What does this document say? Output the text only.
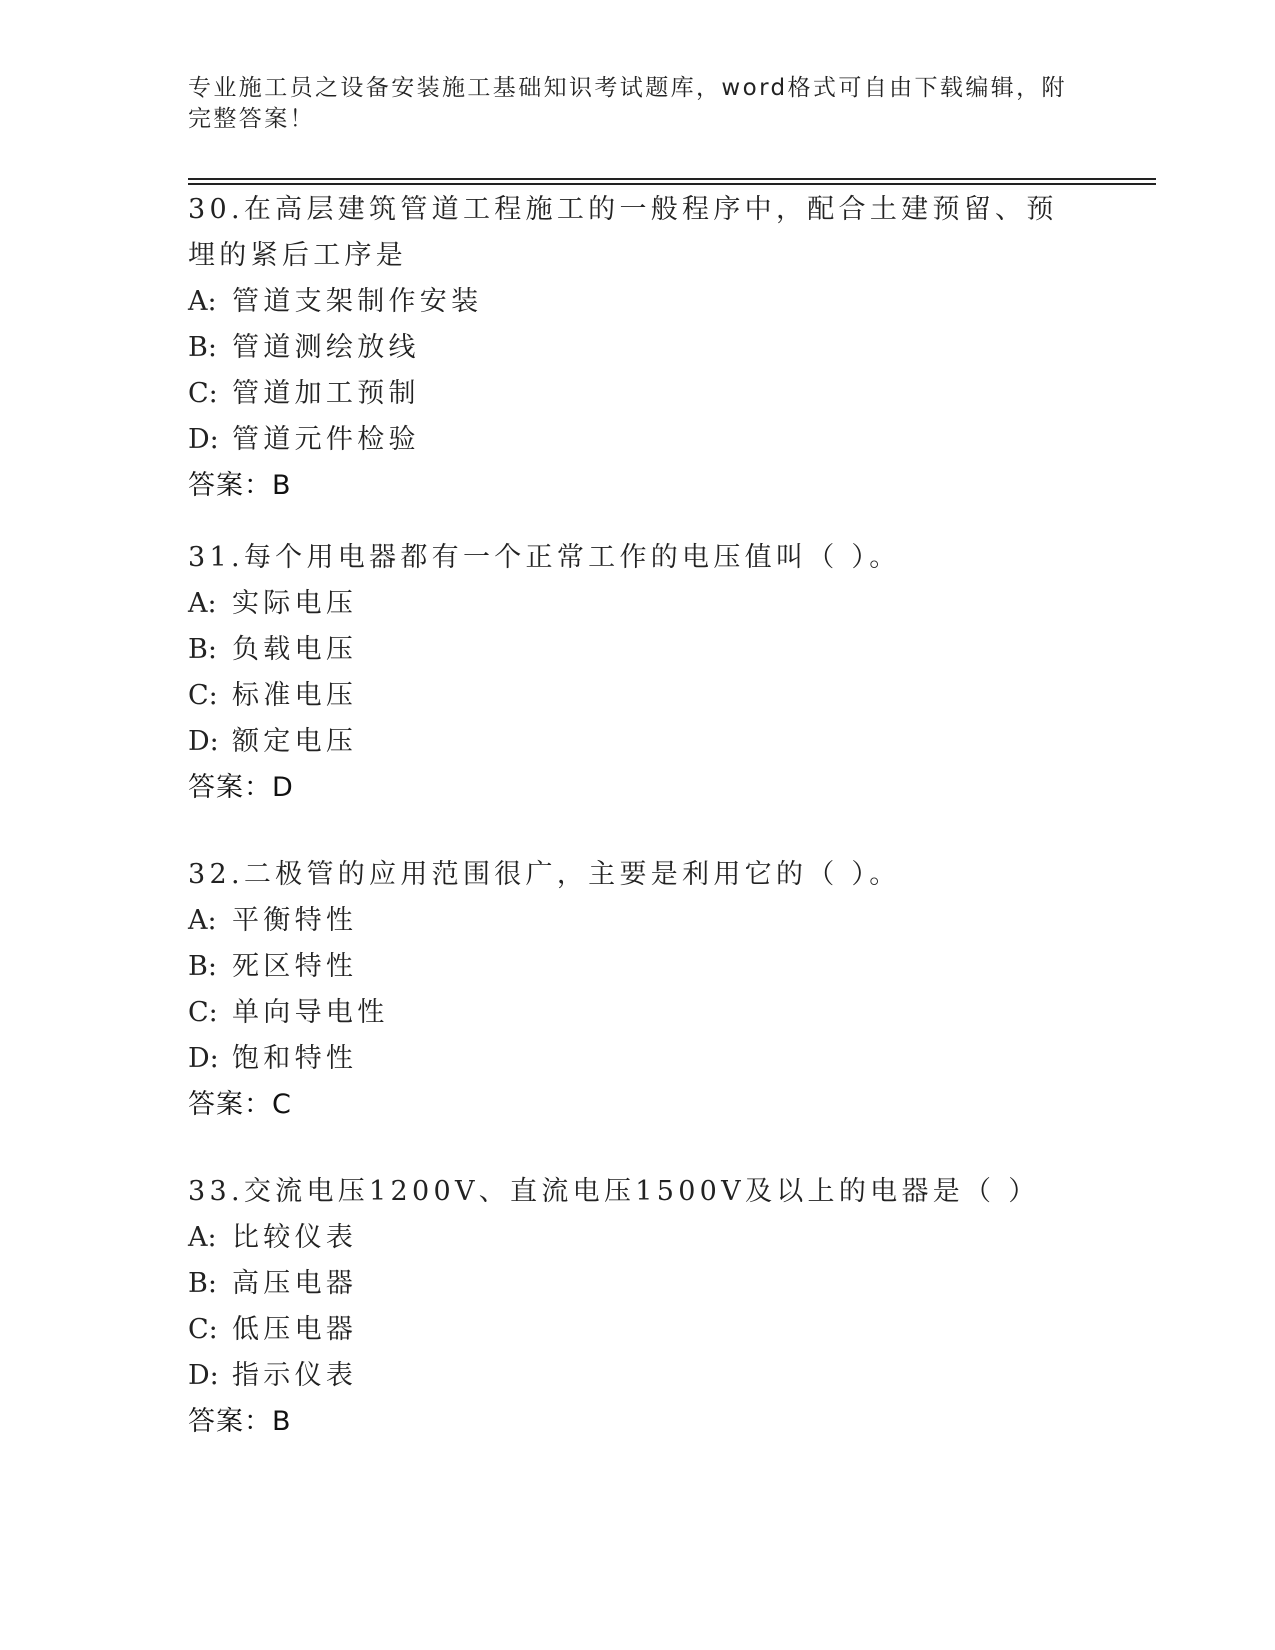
专业施工员之设备安装施工基础知识考试题库，word格式可自由下载编辑，附完整答案！

30.在高层建筑管道工程施工的一般程序中，配合土建预留、预埋的紧后工序是

A: 管道支架制作安装
B: 管道测绘放线
C: 管道加工预制
D: 管道元件检验
答案：B

31.每个用电器都有一个正常工作的电压值叫（ ）。

A: 实际电压
B: 负载电压
C: 标准电压
D: 额定电压
答案：D

32.二极管的应用范围很广，主要是利用它的（ ）。

A: 平衡特性
B: 死区特性
C: 单向导电性
D: 饱和特性
答案：C

33.交流电压1200V、直流电压1500V及以上的电器是（ ）

A: 比较仪表
B: 高压电器
C: 低压电器
D: 指示仪表
答案：B
